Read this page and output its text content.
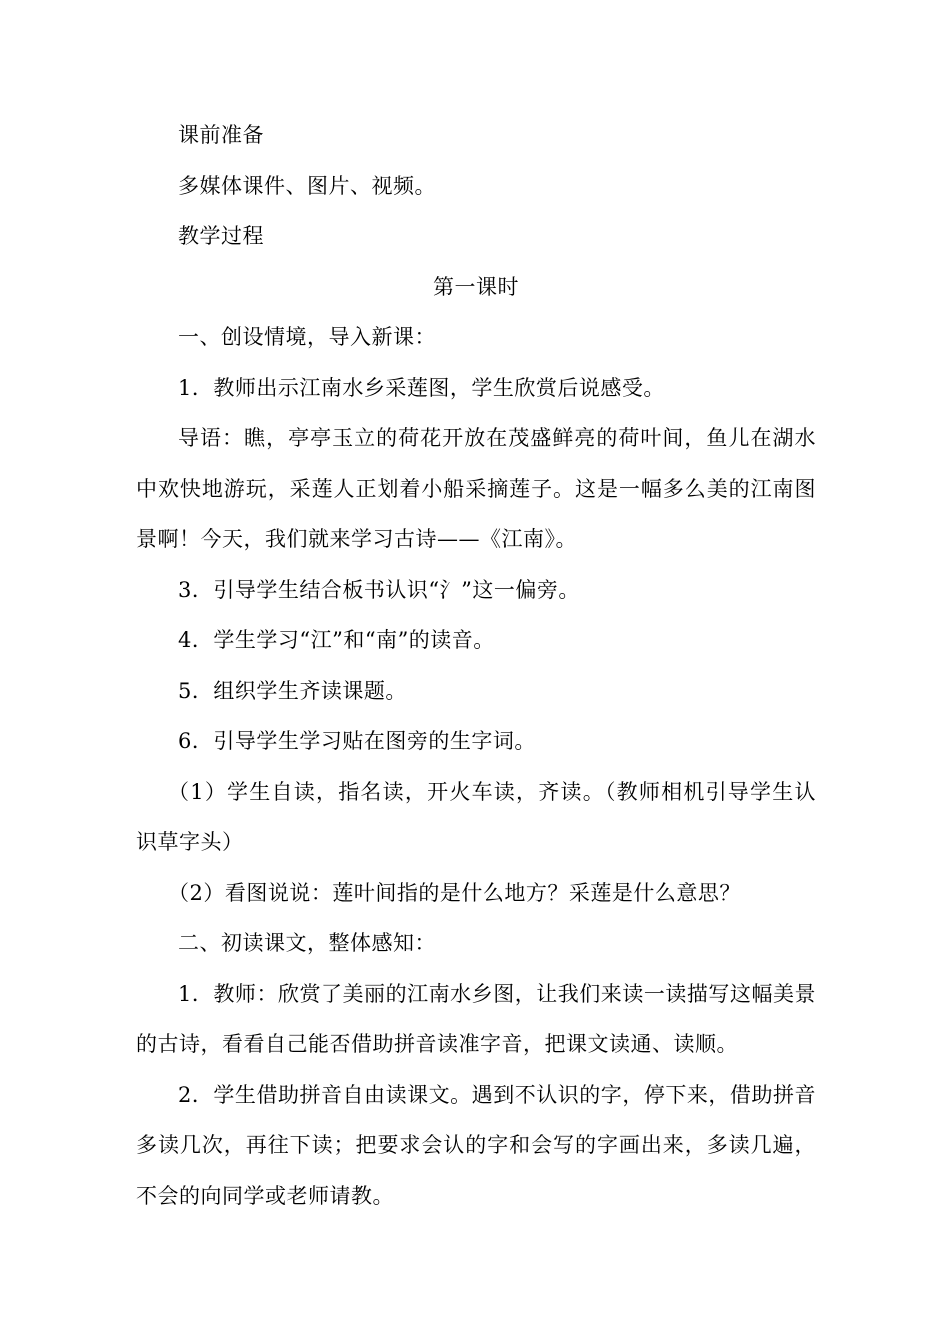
课前准备

多媒体课件、图片、视频。

教学过程

第一课时

一、创设情境，导入新课：

1．教师出示江南水乡采莲图，学生欣赏后说感受。

导语：瞧，亭亭玉立的荷花开放在茂盛鲜亮的荷叶间，鱼儿在湖水中欢快地游玩，采莲人正划着小船采摘莲子。这是一幅多么美的江南图景啊！今天，我们就来学习古诗——《江南》。

3．引导学生结合板书认识“氵”这一偏旁。

4．学生学习“江”和“南”的读音。

5．组织学生齐读课题。

6．引导学生学习贴在图旁的生字词。

（1）学生自读，指名读，开火车读，齐读。（教师相机引导学生认识草字头）

（2）看图说说：莲叶间指的是什么地方？采莲是什么意思？

二、初读课文，整体感知：

1．教师：欣赏了美丽的江南水乡图，让我们来读一读描写这幅美景的古诗，看看自己能否借助拼音读准字音，把课文读通、读顺。

2．学生借助拼音自由读课文。遇到不认识的字，停下来，借助拼音多读几次，再往下读；把要求会认的字和会写的字画出来，多读几遍，不会的向同学或老师请教。
